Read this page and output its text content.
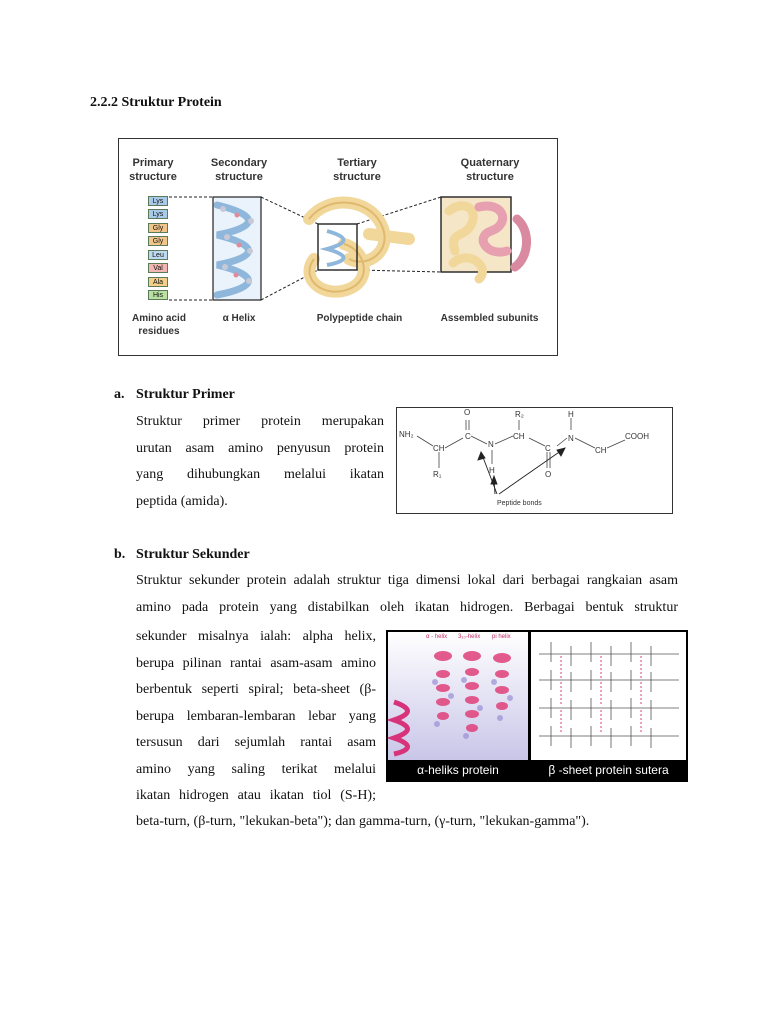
2.2.2 Struktur Protein
Primary
structure
Secondary
structure
Tertiary
structure
Quaternary
structure
Lys
Lys
Gly
Gly
Leu
Val
Ala
His
Amino acid
residues
α Helix	Polypeptide chain	Assembled subunits
a. Struktur Primer
Struktur primer protein merupakan
urutan asam amino penyusun protein
yang dihubungkan melalui ikatan
peptida (amida).
NH₂
O	R₂	H
COOH
C
CH	N
CH
C
N
CH
R₁	H	O
Peptide bonds
b. Struktur Sekunder
Struktur sekunder protein adalah struktur tiga dimensi lokal dari berbagai rangkaian asam
amino pada protein yang distabilkan oleh ikatan hidrogen. Berbagai bentuk struktur
sekunder misalnya ialah: alpha helix,
berupa pilinan rantai asam-asam amino
berbentuk seperti spiral; beta-sheet (β-
berupa lembaran-lembaran lebar yang
tersusun dari sejumlah rantai asam
amino yang saling terikat melalui
ikatan hidrogen atau ikatan tiol (S-H);
beta-turn, (β-turn, "lekukan-beta"); dan gamma-turn, (γ-turn, "lekukan-gamma").
α - helix 3₁₀-helix pi helix
α-heliks protein	β -sheet protein sutera
